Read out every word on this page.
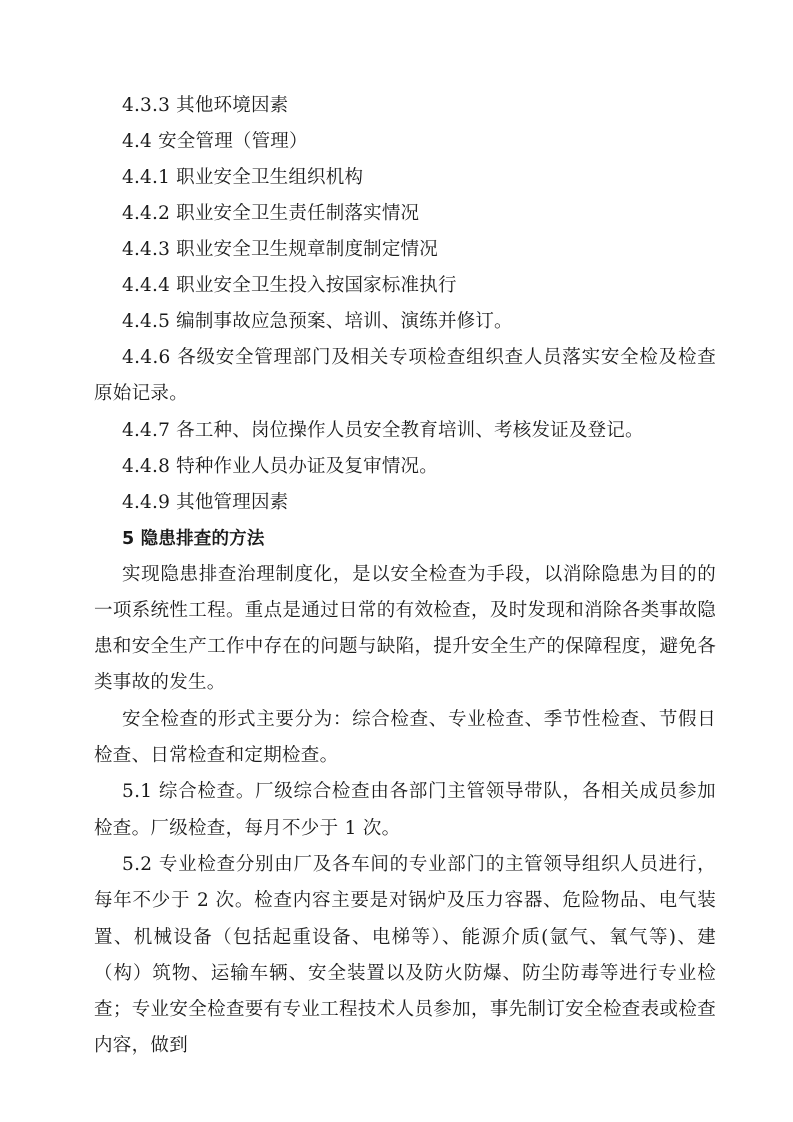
4.3.3 其他环境因素
4.4 安全管理（管理）
4.4.1 职业安全卫生组织机构
4.4.2 职业安全卫生责任制落实情况
4.4.3 职业安全卫生规章制度制定情况
4.4.4 职业安全卫生投入按国家标准执行
4.4.5 编制事故应急预案、培训、演练并修订。
4.4.6 各级安全管理部门及相关专项检查组织查人员落实安全检及检查原始记录。
4.4.7 各工种、岗位操作人员安全教育培训、考核发证及登记。
4.4.8 特种作业人员办证及复审情况。
4.4.9 其他管理因素
5 隐患排查的方法
实现隐患排查治理制度化，是以安全检查为手段，以消除隐患为目的的一项系统性工程。重点是通过日常的有效检查，及时发现和消除各类事故隐患和安全生产工作中存在的问题与缺陷，提升安全生产的保障程度，避免各类事故的发生。
安全检查的形式主要分为：综合检查、专业检查、季节性检查、节假日检查、日常检查和定期检查。
5.1 综合检查。厂级综合检查由各部门主管领导带队，各相关成员参加检查。厂级检查，每月不少于 1 次。
5.2 专业检查分别由厂及各车间的专业部门的主管领导组织人员进行，每年不少于 2 次。检查内容主要是对锅炉及压力容器、危险物品、电气装置、机械设备（包括起重设备、电梯等）、能源介质(氩气、氧气等)、建（构）筑物、运输车辆、安全装置以及防火防爆、防尘防毒等进行专业检查；专业安全检查要有专业工程技术人员参加，事先制订安全检查表或检查内容，做到
